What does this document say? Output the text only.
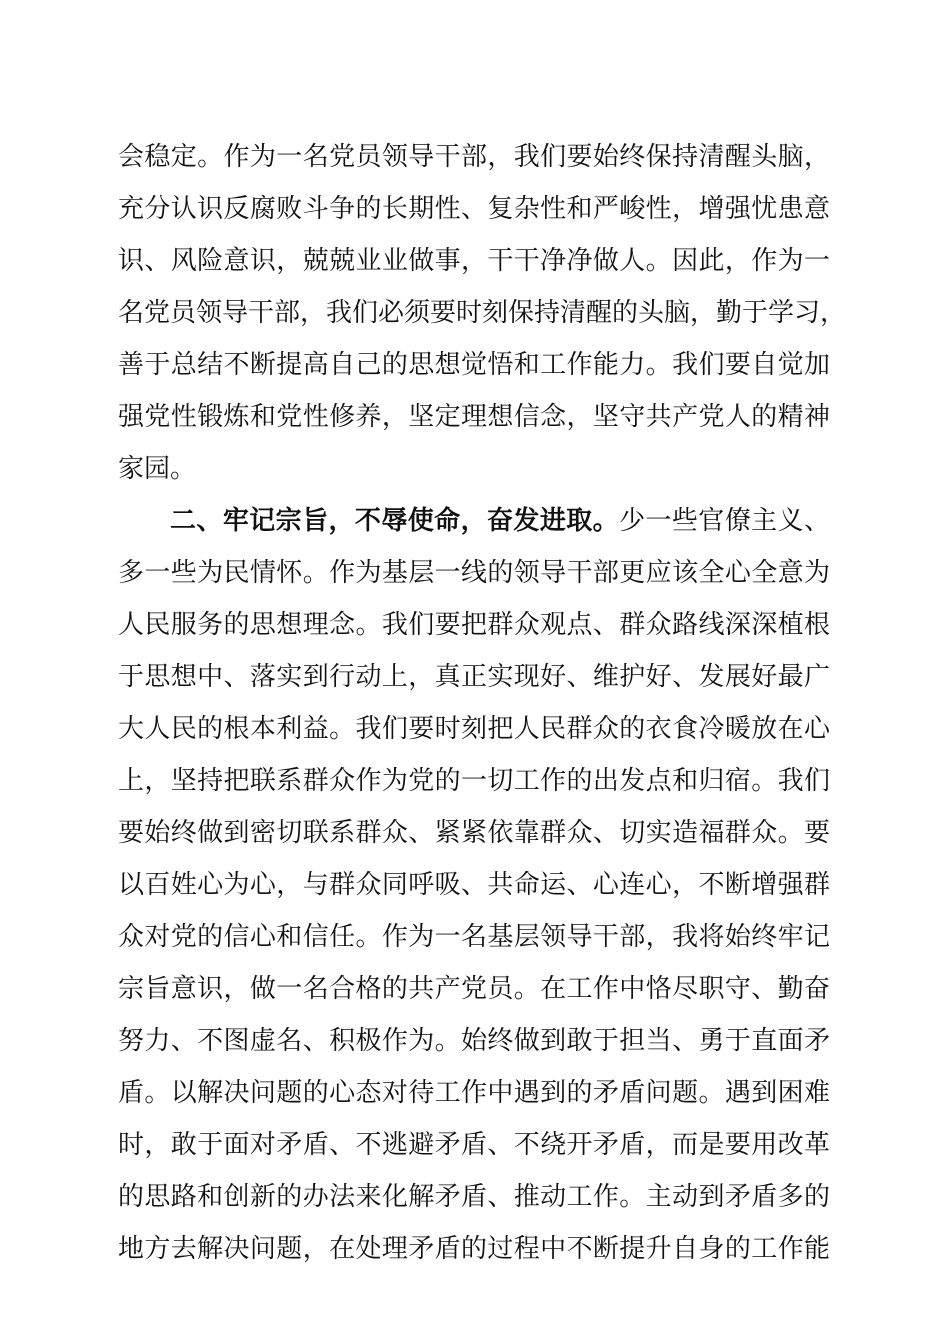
会稳定。作为一名党员领导干部，我们要始终保持清醒头脑，

充分认识反腐败斗争的长期性、复杂性和严峻性，增强忧患意

识、风险意识，兢兢业业做事，干干净净做人。因此，作为一

名党员领导干部，我们必须要时刻保持清醒的头脑，勤于学习，

善于总结不断提高自己的思想觉悟和工作能力。我们要自觉加

强党性锻炼和党性修养，坚定理想信念，坚守共产党人的精神

家园。

二、牢记宗旨，不辱使命，奋发进取。少一些官僚主义、

多一些为民情怀。作为基层一线的领导干部更应该全心全意为

人民服务的思想理念。我们要把群众观点、群众路线深深植根

于思想中、落实到行动上，真正实现好、维护好、发展好最广

大人民的根本利益。我们要时刻把人民群众的衣食冷暖放在心

上，坚持把联系群众作为党的一切工作的出发点和归宿。我们

要始终做到密切联系群众、紧紧依靠群众、切实造福群众。要

以百姓心为心，与群众同呼吸、共命运、心连心，不断增强群

众对党的信心和信任。作为一名基层领导干部，我将始终牢记

宗旨意识，做一名合格的共产党员。在工作中恪尽职守、勤奋

努力、不图虚名、积极作为。始终做到敢于担当、勇于直面矛

盾。以解决问题的心态对待工作中遇到的矛盾问题。遇到困难

时，敢于面对矛盾、不逃避矛盾、不绕开矛盾，而是要用改革

的思路和创新的办法来化解矛盾、推动工作。主动到矛盾多的

地方去解决问题，在处理矛盾的过程中不断提升自身的工作能
